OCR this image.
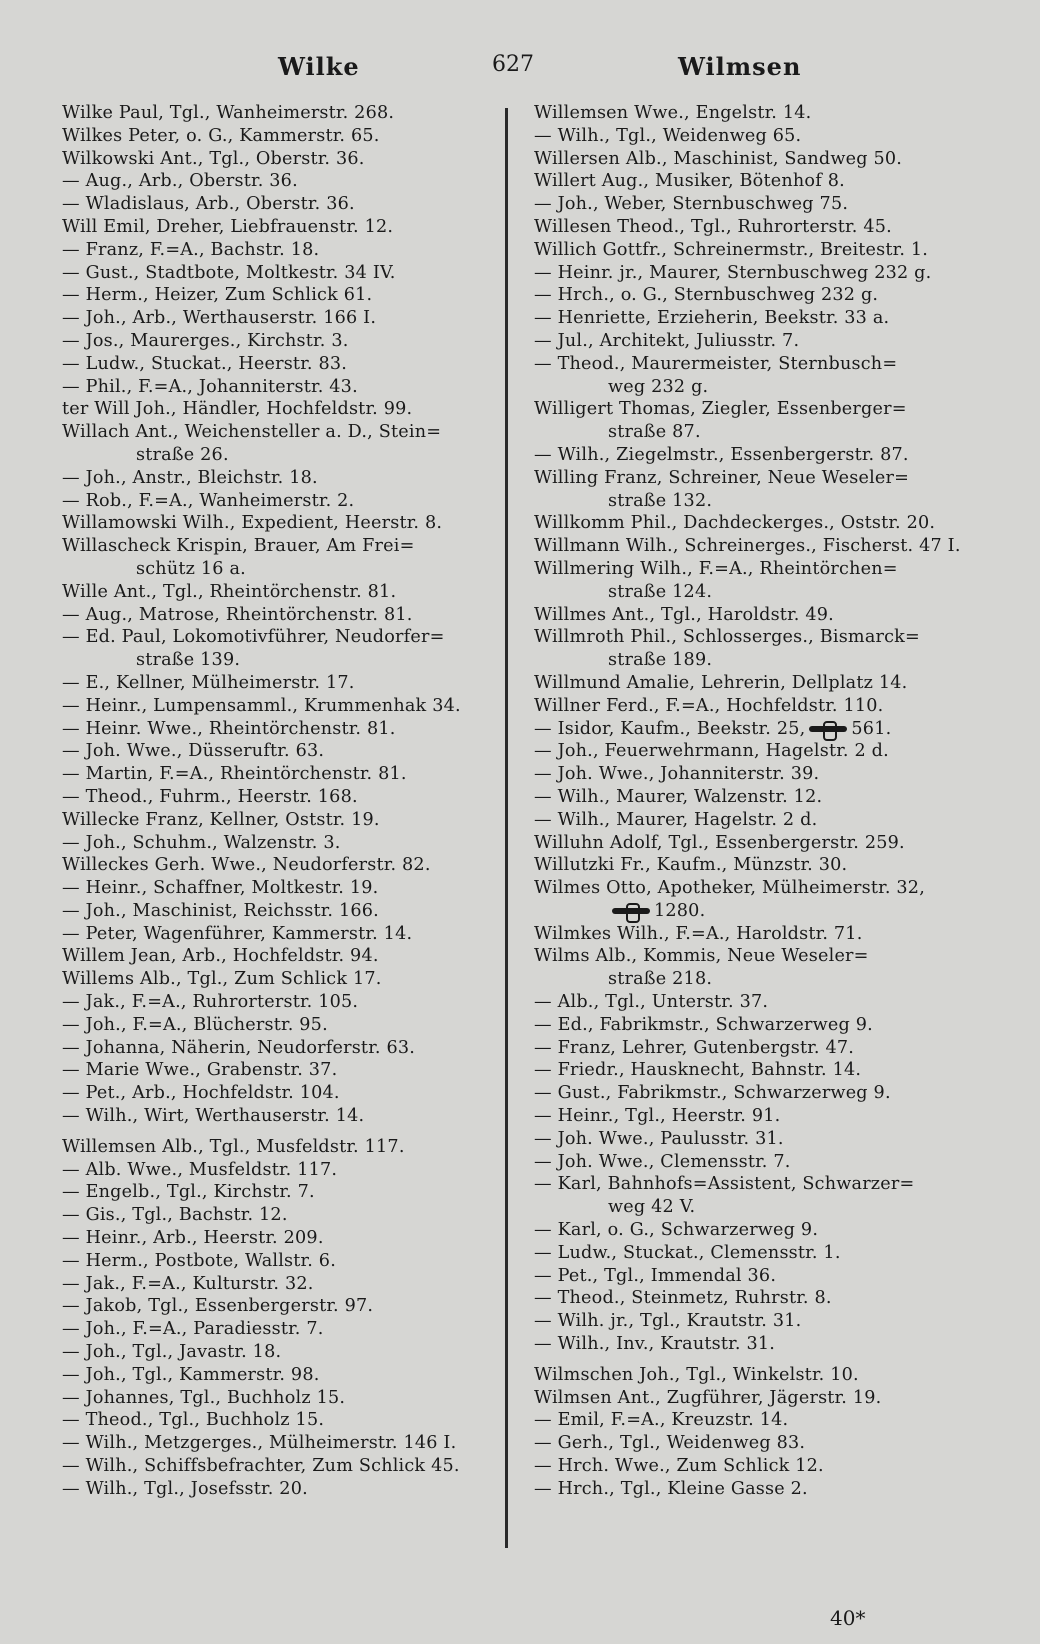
Wilke	627	Wilmsen
Wilke Paul, Tgl., Wanheimerstr. 268.
Wilkes Peter, o. G., Kammerstr. 65.
Wilkowski Ant., Tgl., Oberstr. 36.
— Aug., Arb., Oberstr. 36.
— Wladislaus, Arb., Oberstr. 36.
Will Emil, Dreher, Liebfrauenstr. 12.
— Franz, F.=A., Bachstr. 18.
— Gust., Stadtbote, Moltkestr. 34 IV.
— Herm., Heizer, Zum Schlick 61.
— Joh., Arb., Werthauserstr. 166 I.
— Jos., Maurerges., Kirchstr. 3.
— Ludw., Stuckat., Heerstr. 83.
— Phil., F.=A., Johanniterstr. 43.
ter Will Joh., Händler, Hochfeldstr. 99.
Willach Ant., Weichensteller a. D., Stein=
straße 26.
— Joh., Anstr., Bleichstr. 18.
— Rob., F.=A., Wanheimerstr. 2.
Willamowski Wilh., Expedient, Heerstr. 8.
Willascheck Krispin, Brauer, Am Frei=
schütz 16 a.
Wille Ant., Tgl., Rheintörchenstr. 81.
— Aug., Matrose, Rheintörchenstr. 81.
— Ed. Paul, Lokomotivführer, Neudorfer=
straße 139.
— E., Kellner, Mülheimerstr. 17.
— Heinr., Lumpensamml., Krummenhak 34.
— Heinr. Wwe., Rheintörchenstr. 81.
— Joh. Wwe., Düsseruftr. 63.
— Martin, F.=A., Rheintörchenstr. 81.
— Theod., Fuhrm., Heerstr. 168.
Willecke Franz, Kellner, Oststr. 19.
— Joh., Schuhm., Walzenstr. 3.
Willeckes Gerh. Wwe., Neudorferstr. 82.
— Heinr., Schaffner, Moltkestr. 19.
— Joh., Maschinist, Reichsstr. 166.
— Peter, Wagenführer, Kammerstr. 14.
Willem Jean, Arb., Hochfeldstr. 94.
Willems Alb., Tgl., Zum Schlick 17.
— Jak., F.=A., Ruhrorterstr. 105.
— Joh., F.=A., Blücherstr. 95.
— Johanna, Näherin, Neudorferstr. 63.
— Marie Wwe., Grabenstr. 37.
— Pet., Arb., Hochfeldstr. 104.
— Wilh., Wirt, Werthauserstr. 14.
Willemsen Alb., Tgl., Musfeldstr. 117.
— Alb. Wwe., Musfeldstr. 117.
— Engelb., Tgl., Kirchstr. 7.
— Gis., Tgl., Bachstr. 12.
— Heinr., Arb., Heerstr. 209.
— Herm., Postbote, Wallstr. 6.
— Jak., F.=A., Kulturstr. 32.
— Jakob, Tgl., Essenbergerstr. 97.
— Joh., F.=A., Paradiesstr. 7.
— Joh., Tgl., Javastr. 18.
— Joh., Tgl., Kammerstr. 98.
— Johannes, Tgl., Buchholz 15.
— Theod., Tgl., Buchholz 15.
— Wilh., Metzgerges., Mülheimerstr. 146 I.
— Wilh., Schiffsbefrachter, Zum Schlick 45.
— Wilh., Tgl., Josefsstr. 20.
Willemsen Wwe., Engelstr. 14.
— Wilh., Tgl., Weidenweg 65.
Willersen Alb., Maschinist, Sandweg 50.
Willert Aug., Musiker, Bötenhof 8.
— Joh., Weber, Sternbuschweg 75.
Willesen Theod., Tgl., Ruhrorterstr. 45.
Willich Gottfr., Schreinermstr., Breitestr. 1.
— Heinr. jr., Maurer, Sternbuschweg 232 g.
— Hrch., o. G., Sternbuschweg 232 g.
— Henriette, Erzieherin, Beekstr. 33 a.
— Jul., Architekt, Juliusstr. 7.
— Theod., Maurermeister, Sternbusch=
weg 232 g.
Willigert Thomas, Ziegler, Essenberger=
straße 87.
— Wilh., Ziegelmstr., Essenbergerstr. 87.
Willing Franz, Schreiner, Neue Weseler=
straße 132.
Willkomm Phil., Dachdeckerges., Oststr. 20.
Willmann Wilh., Schreinerges., Fischerst. 47 I.
Willmering Wilh., F.=A., Rheintörchen=
straße 124.
Willmes Ant., Tgl., Haroldstr. 49.
Willmroth Phil., Schlosserges., Bismarck=
straße 189.
Willmund Amalie, Lehrerin, Dellplatz 14.
Willner Ferd., F.=A., Hochfeldstr. 110.
— Isidor, Kaufm., Beekstr. 25,	561.
— Joh., Feuerwehrmann, Hagelstr. 2 d.
— Joh. Wwe., Johanniterstr. 39.
— Wilh., Maurer, Walzenstr. 12.
— Wilh., Maurer, Hagelstr. 2 d.
Willuhn Adolf, Tgl., Essenbergerstr. 259.
Willutzki Fr., Kaufm., Münzstr. 30.
Wilmes Otto, Apotheker, Mülheimerstr. 32,
1280.
Wilmkes Wilh., F.=A., Haroldstr. 71.
Wilms Alb., Kommis, Neue Weseler=
straße 218.
— Alb., Tgl., Unterstr. 37.
— Ed., Fabrikmstr., Schwarzerweg 9.
— Franz, Lehrer, Gutenbergstr. 47.
— Friedr., Hausknecht, Bahnstr. 14.
— Gust., Fabrikmstr., Schwarzerweg 9.
— Heinr., Tgl., Heerstr. 91.
— Joh. Wwe., Paulusstr. 31.
— Joh. Wwe., Clemensstr. 7.
— Karl, Bahnhofs=Assistent, Schwarzer=
weg 42 V.
— Karl, o. G., Schwarzerweg 9.
— Ludw., Stuckat., Clemensstr. 1.
— Pet., Tgl., Immendal 36.
— Theod., Steinmetz, Ruhrstr. 8.
— Wilh. jr., Tgl., Krautstr. 31.
— Wilh., Inv., Krautstr. 31.
Wilmschen Joh., Tgl., Winkelstr. 10.
Wilmsen Ant., Zugführer, Jägerstr. 19.
— Emil, F.=A., Kreuzstr. 14.
— Gerh., Tgl., Weidenweg 83.
— Hrch. Wwe., Zum Schlick 12.
— Hrch., Tgl., Kleine Gasse 2.
40*
